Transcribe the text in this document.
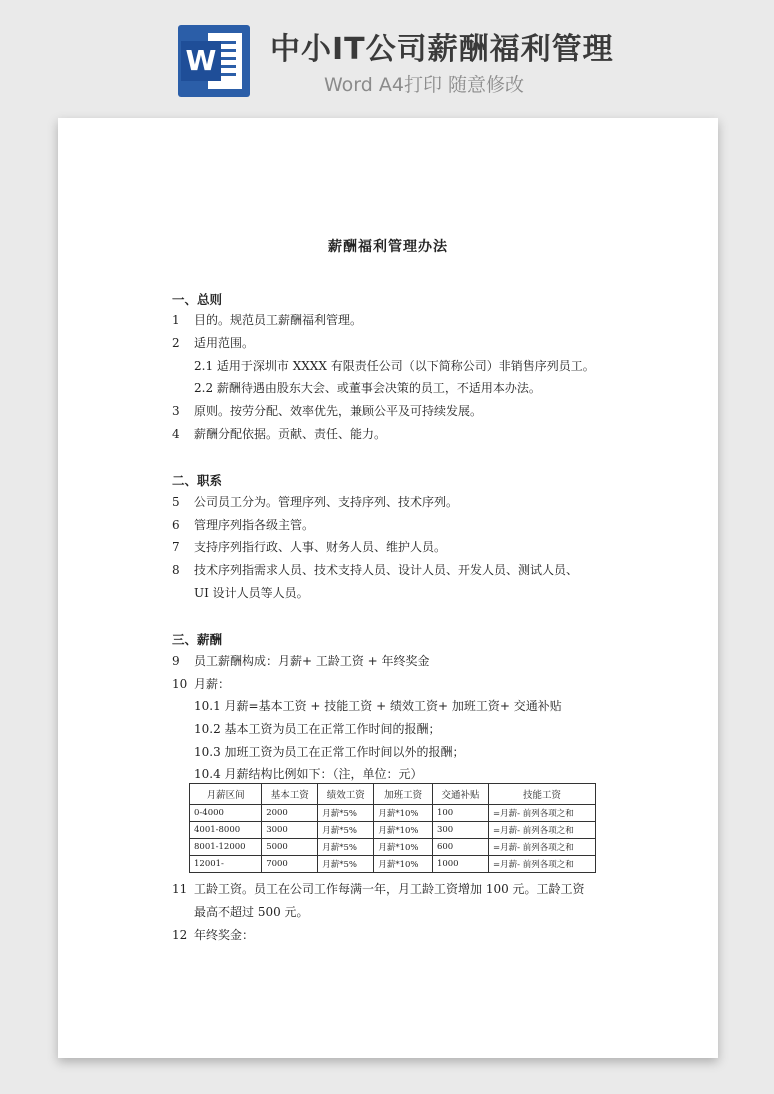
W 中小IT公司薪酬福利管理
Word A4打印 随意修改
薪酬福利管理办法
一、总则
1 目的。规范员工薪酬福利管理。
2 适用范围。
2.1 适用于深圳市 XXXX 有限责任公司（以下简称公司）非销售序列员工。
2.2 薪酬待遇由股东大会、或董事会决策的员工，不适用本办法。
3 原则。按劳分配、效率优先，兼顾公平及可持续发展。
4 薪酬分配依据。贡献、责任、能力。
二、职系
5 公司员工分为。管理序列、支持序列、技术序列。
6 管理序列指各级主管。
7 支持序列指行政、人事、财务人员、维护人员。
8 技术序列指需求人员、技术支持人员、设计人员、开发人员、测试人员、
UI 设计人员等人员。
三、薪酬
9 员工薪酬构成：月薪+ 工龄工资 + 年终奖金
10 月薪：
10.1 月薪=基本工资 + 技能工资 + 绩效工资+ 加班工资+ 交通补贴
10.2 基本工资为员工在正常工作时间的报酬；
10.3 加班工资为员工在正常工作时间以外的报酬；
10.4 月薪结构比例如下：（注，单位：元）
月薪区间	基本工资	绩效工资	加班工资	交通补贴	技能工资
0-4000	2000	月薪*5%	月薪*10%	100	=月薪- 前列各项之和
4001-8000	3000	月薪*5%	月薪*10%	300	=月薪- 前列各项之和
8001-12000	5000	月薪*5%	月薪*10%	600	=月薪- 前列各项之和
12001-	7000	月薪*5%	月薪*10%	1000	=月薪- 前列各项之和
11 工龄工资。员工在公司工作每满一年，月工龄工资增加 100 元。工龄工资
最高不超过 500 元。
12 年终奖金：
